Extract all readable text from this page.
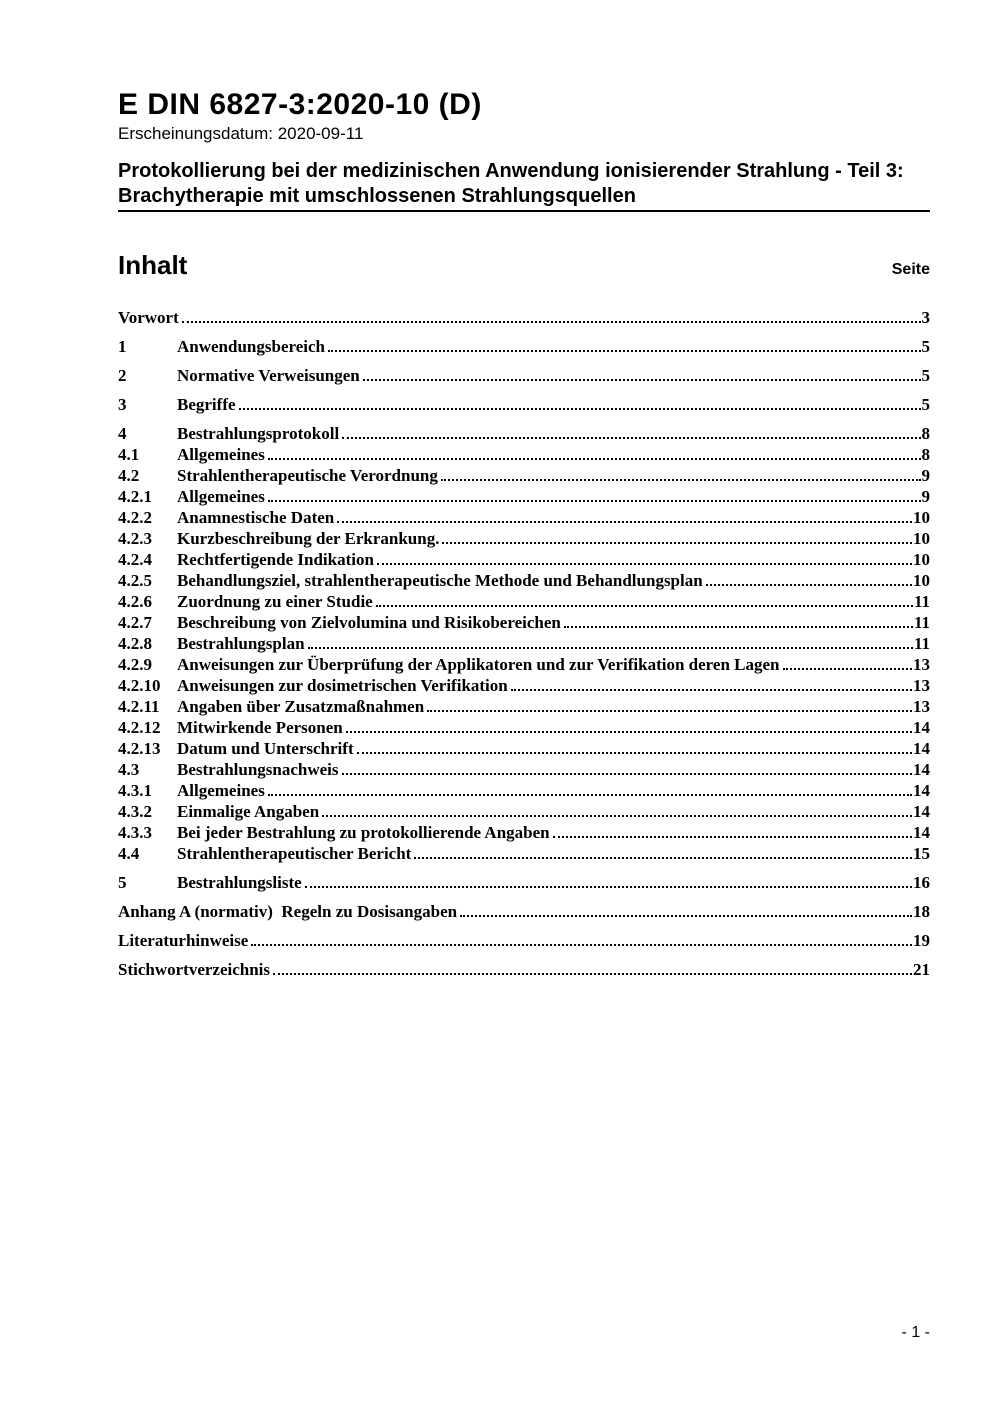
E DIN 6827-3:2020-10 (D)
Erscheinungsdatum: 2020-09-11
Protokollierung bei der medizinischen Anwendung ionisierender Strahlung - Teil 3:
Brachytherapie mit umschlossenen Strahlungsquellen
Inhalt	Seite
Vorwort	3
1	Anwendungsbereich	5
2	Normative Verweisungen	5
3	Begriffe	5
4	Bestrahlungsprotokoll	8
4.1	Allgemeines	8
4.2	Strahlentherapeutische Verordnung	9
4.2.1	Allgemeines	9
4.2.2	Anamnestische Daten	10
4.2.3	Kurzbeschreibung der Erkrankung.	10
4.2.4	Rechtfertigende Indikation	10
4.2.5	Behandlungsziel, strahlentherapeutische Methode und Behandlungsplan	10
4.2.6	Zuordnung zu einer Studie	11
4.2.7	Beschreibung von Zielvolumina und Risikobereichen	11
4.2.8	Bestrahlungsplan	11
4.2.9	Anweisungen zur Überprüfung der Applikatoren und zur Verifikation deren Lagen	13
4.2.10 Anweisungen zur dosimetrischen Verifikation	13
4.2.11	Angaben über Zusatzmaßnahmen	13
4.2.12 Mitwirkende Personen	14
4.2.13 Datum und Unterschrift	14
4.3	Bestrahlungsnachweis	14
4.3.1	Allgemeines	14
4.3.2	Einmalige Angaben	14
4.3.3	Bei jeder Bestrahlung zu protokollierende Angaben	14
4.4	Strahlentherapeutischer Bericht	15
5	Bestrahlungsliste	16
Anhang A (normativ)  Regeln zu Dosisangaben	18
Literaturhinweise	19
Stichwortverzeichnis	21
- 1 -
